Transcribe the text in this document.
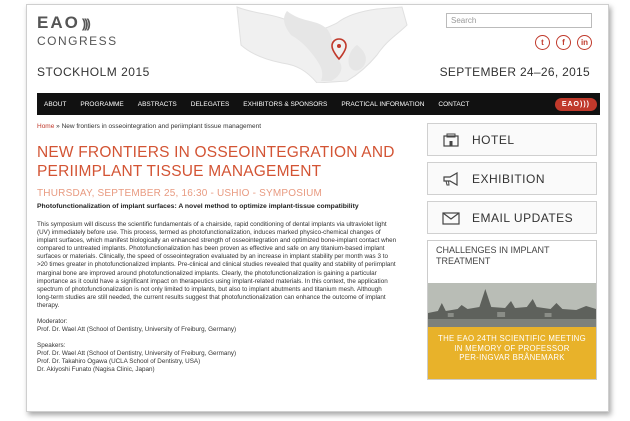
EAO )))
CONGRESS
STOCKHOLM 2015
Search
t	f	in
SEPTEMBER 24–26, 2015
ABOUT	PROGRAMME	ABSTRACTS	DELEGATES	EXHIBITORS & SPONSORS	PRACTICAL INFORMATION	CONTACT	EAO)))
Home » New frontiers in osseointegration and periimplant tissue management
NEW FRONTIERS IN OSSEOINTEGRATION AND PERIIMPLANT TISSUE MANAGEMENT
THURSDAY, SEPTEMBER 25, 16:30 - USHIO - SYMPOSIUM
Photofunctionalization of implant surfaces: A novel method to optimize implant-tissue compatibility

This symposium will discuss the scientific fundamentals of a chairside, rapid conditioning of dental implants via ultraviolet light (UV) immediately before use. This process, termed as photofunctionalization, induces marked physico-chemical changes of implant surfaces, which manifest biologically an enhanced strength of osseointegration and optimized bone-implant contact when compared to untreated implants. Photofunctionalization has been proven as effective and safe on any titanium-based implant surfaces or materials. Clinically, the speed of osseointegration evaluated by an increase in implant stability per month was 3 to >20 times greater in photofunctionalized implants. Pre-clinical and clinical studies revealed that quality and stability of periimplant marginal bone are improved around photofunctionalized implants. Clearly, the photofunctionalization is gaining a particular importance as it could have a significant impact on therapeutics using implant-related materials. In this context, the application spectrum of photofunctionalization is not only limited to implants, but also to implant abutments and titanium mesh. Although long-term studies are still needed, the current results suggest that photofunctionalization can enhance the outcome of implant therapy.

Moderator:
Prof. Dr. Wael Att (School of Dentistry, University of Freiburg, Germany)
Speakers:
Prof. Dr. Wael Att (School of Dentistry, University of Freiburg, Germany)
Prof. Dr. Takahiro Ogawa (UCLA School of Dentistry, USA)
Dr. Akiyoshi Funato (Nagisa Clinic, Japan)
HOTEL
EXHIBITION
EMAIL UPDATES
CHALLENGES IN IMPLANT
TREATMENT
THE EAO 24TH SCIENTIFIC MEETING
IN MEMORY OF PROFESSOR
PER-INGVAR BRÅNEMARK
